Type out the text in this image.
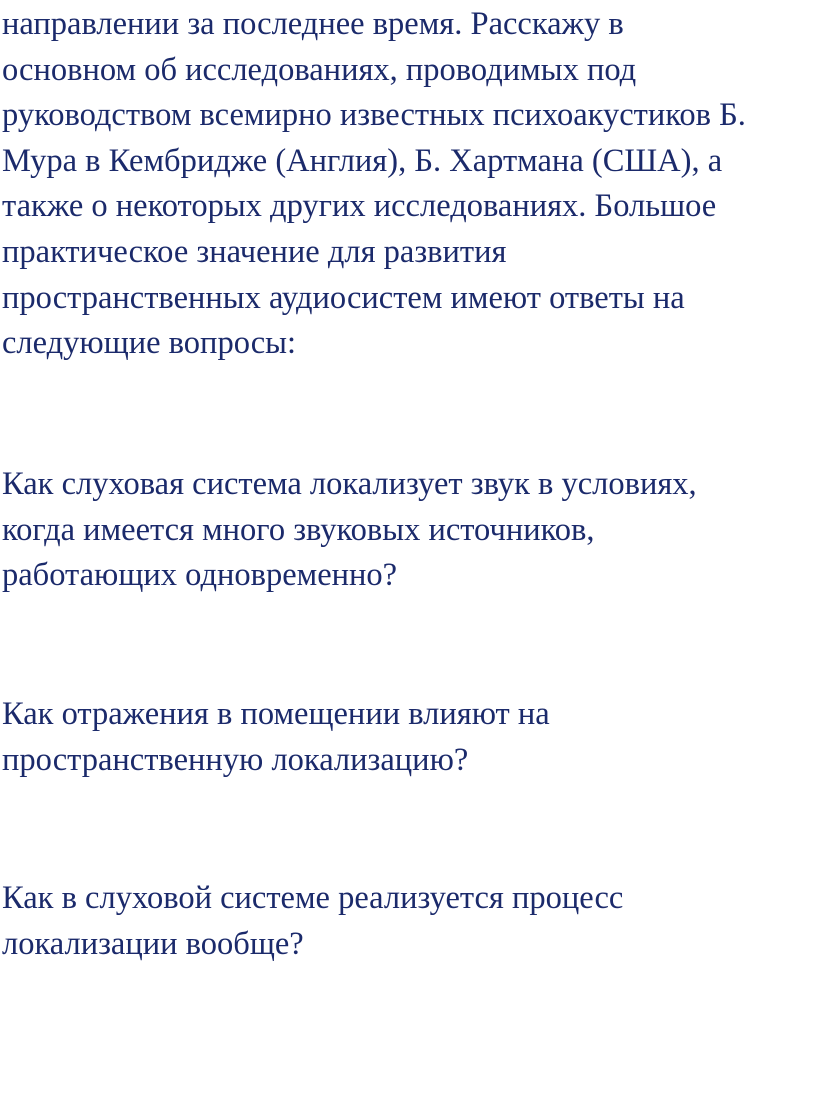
направлении за последнее время. Расскажу в
основном об исследованиях, проводимых под
руководством всемирно известных психоакустиков Б.
Мура в Кембридже (Англия), Б. Хартмана (США), а
также о некоторых других исследованиях. Большое
практическое значение для развития
пространственных аудиосистем имеют ответы на
следующие вопросы:

Как слуховая система локализует звук в условиях,
когда имеется много звуковых источников,
работающих одновременно?

Как отражения в помещении влияют на
пространственную локализацию?

Как в слуховой системе реализуется процесс
локализации вообще?
